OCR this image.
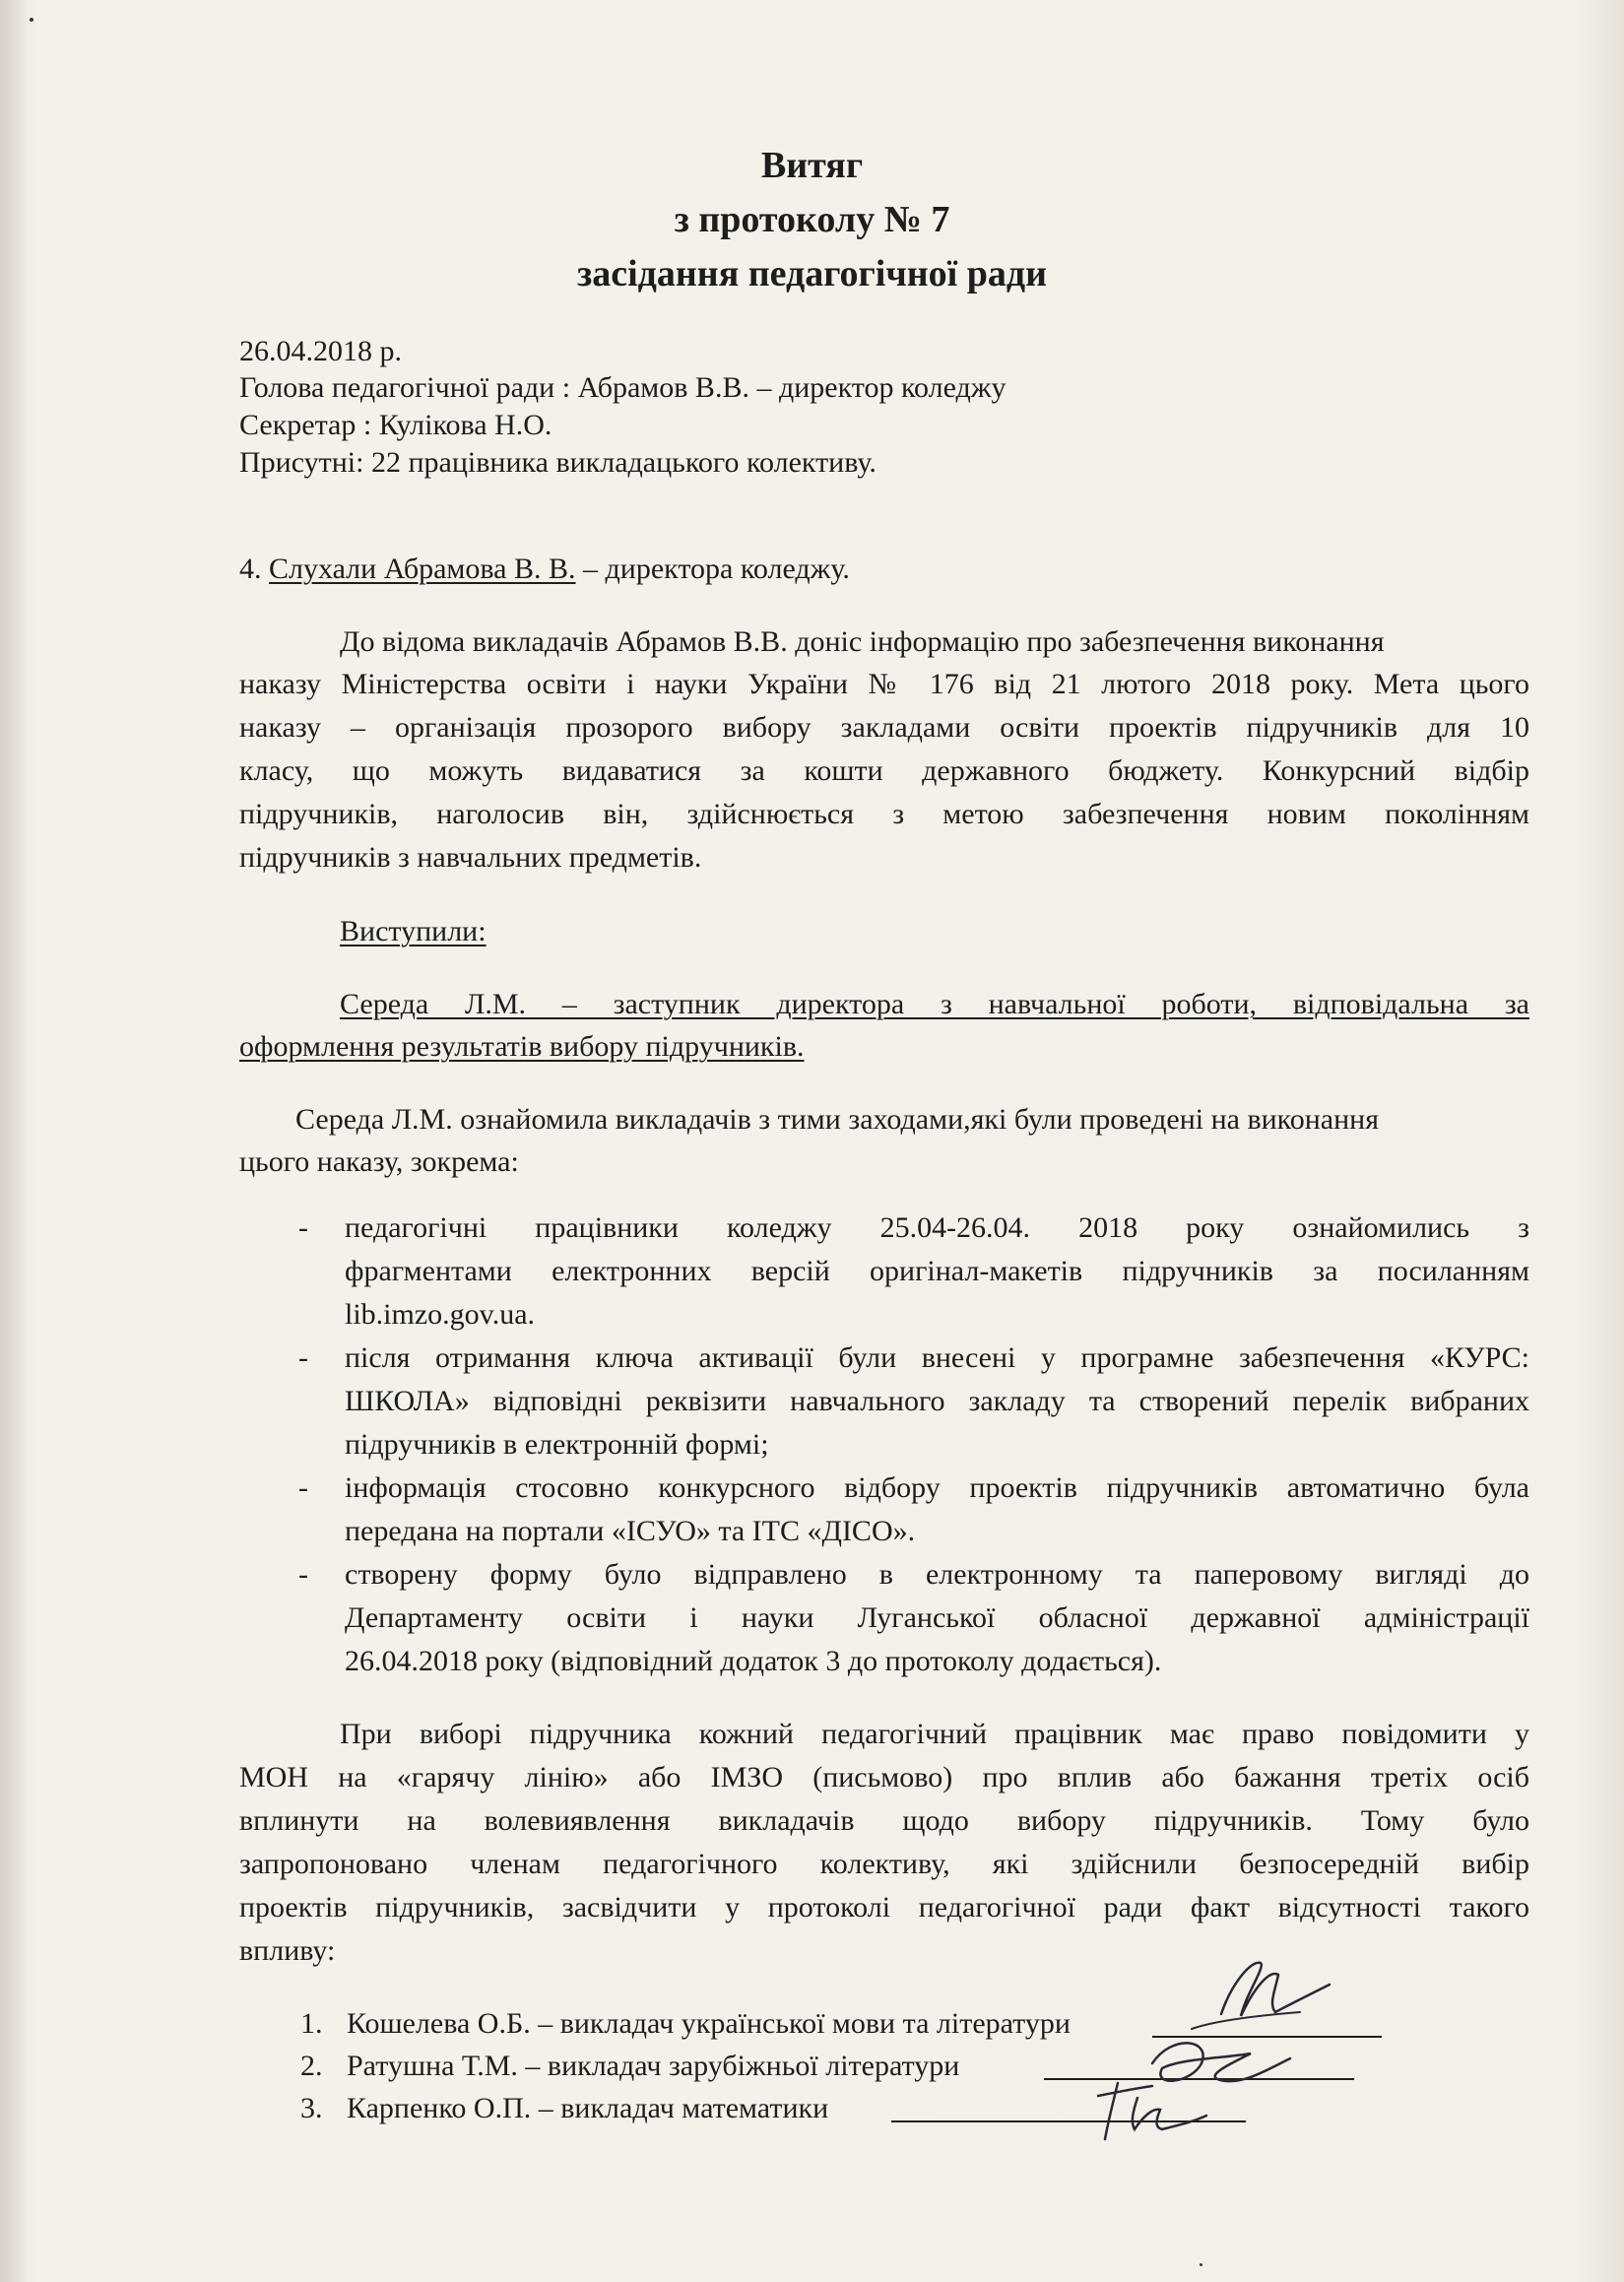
Витяг
з протоколу № 7
засідання педагогічної ради
26.04.2018 р.
Голова педагогічної ради : Абрамов В.В. – директор коледжу
Секретар : Кулікова Н.О.
Присутні: 22 працівника викладацького колективу.
4. Слухали Абрамова В. В. – директора коледжу.
До відома викладачів Абрамов В.В. доніс інформацію про забезпечення виконання
наказу Міністерства освіти і науки України № 176 від 21 лютого 2018 року. Мета цього
наказу – організація прозорого вибору закладами освіти проектів підручників для 10
класу, що можуть видаватися за кошти державного бюджету. Конкурсний відбір
підручників, наголосив він, здійснюється з метою забезпечення новим поколінням
підручників з навчальних предметів.
Виступили:
Середа Л.М. – заступник директора з навчальної роботи, відповідальна за
оформлення результатів вибору підручників.
Середа Л.М. ознайомила викладачів з тими заходами,які були проведені на виконання
цього наказу, зокрема:
- педагогічні працівники коледжу 25.04-26.04. 2018 року ознайомились з
фрагментами електронних версій оригінал-макетів підручників за посиланням
lib.imzo.gov.ua.
- після отримання ключа активації були внесені у програмне забезпечення «КУРС:
ШКОЛА» відповідні реквізити навчального закладу та створений перелік вибраних
підручників в електронній формі;
- інформація стосовно конкурсного відбору проектів підручників автоматично була
передана на портали «ІСУО» та ІТС «ДІСО».
- створену форму було відправлено в електронному та паперовому вигляді до
Департаменту освіти і науки Луганської обласної державної адміністрації
26.04.2018 року (відповідний додаток 3 до протоколу додається).
При виборі підручника кожний педагогічний працівник має право повідомити у
МОН на «гарячу лінію» або ІМЗО (письмово) про вплив або бажання третіх осіб
вплинути на волевиявлення викладачів щодо вибору підручників. Тому було
запропоновано членам педагогічного колективу, які здійснили безпосередній вибір
проектів підручників, засвідчити у протоколі педагогічної ради факт відсутності такого
впливу:
1. Кошелева О.Б. – викладач української мови та літератури
2. Ратушна Т.М. – викладач зарубіжньої літератури
3. Карпенко О.П. – викладач математики
